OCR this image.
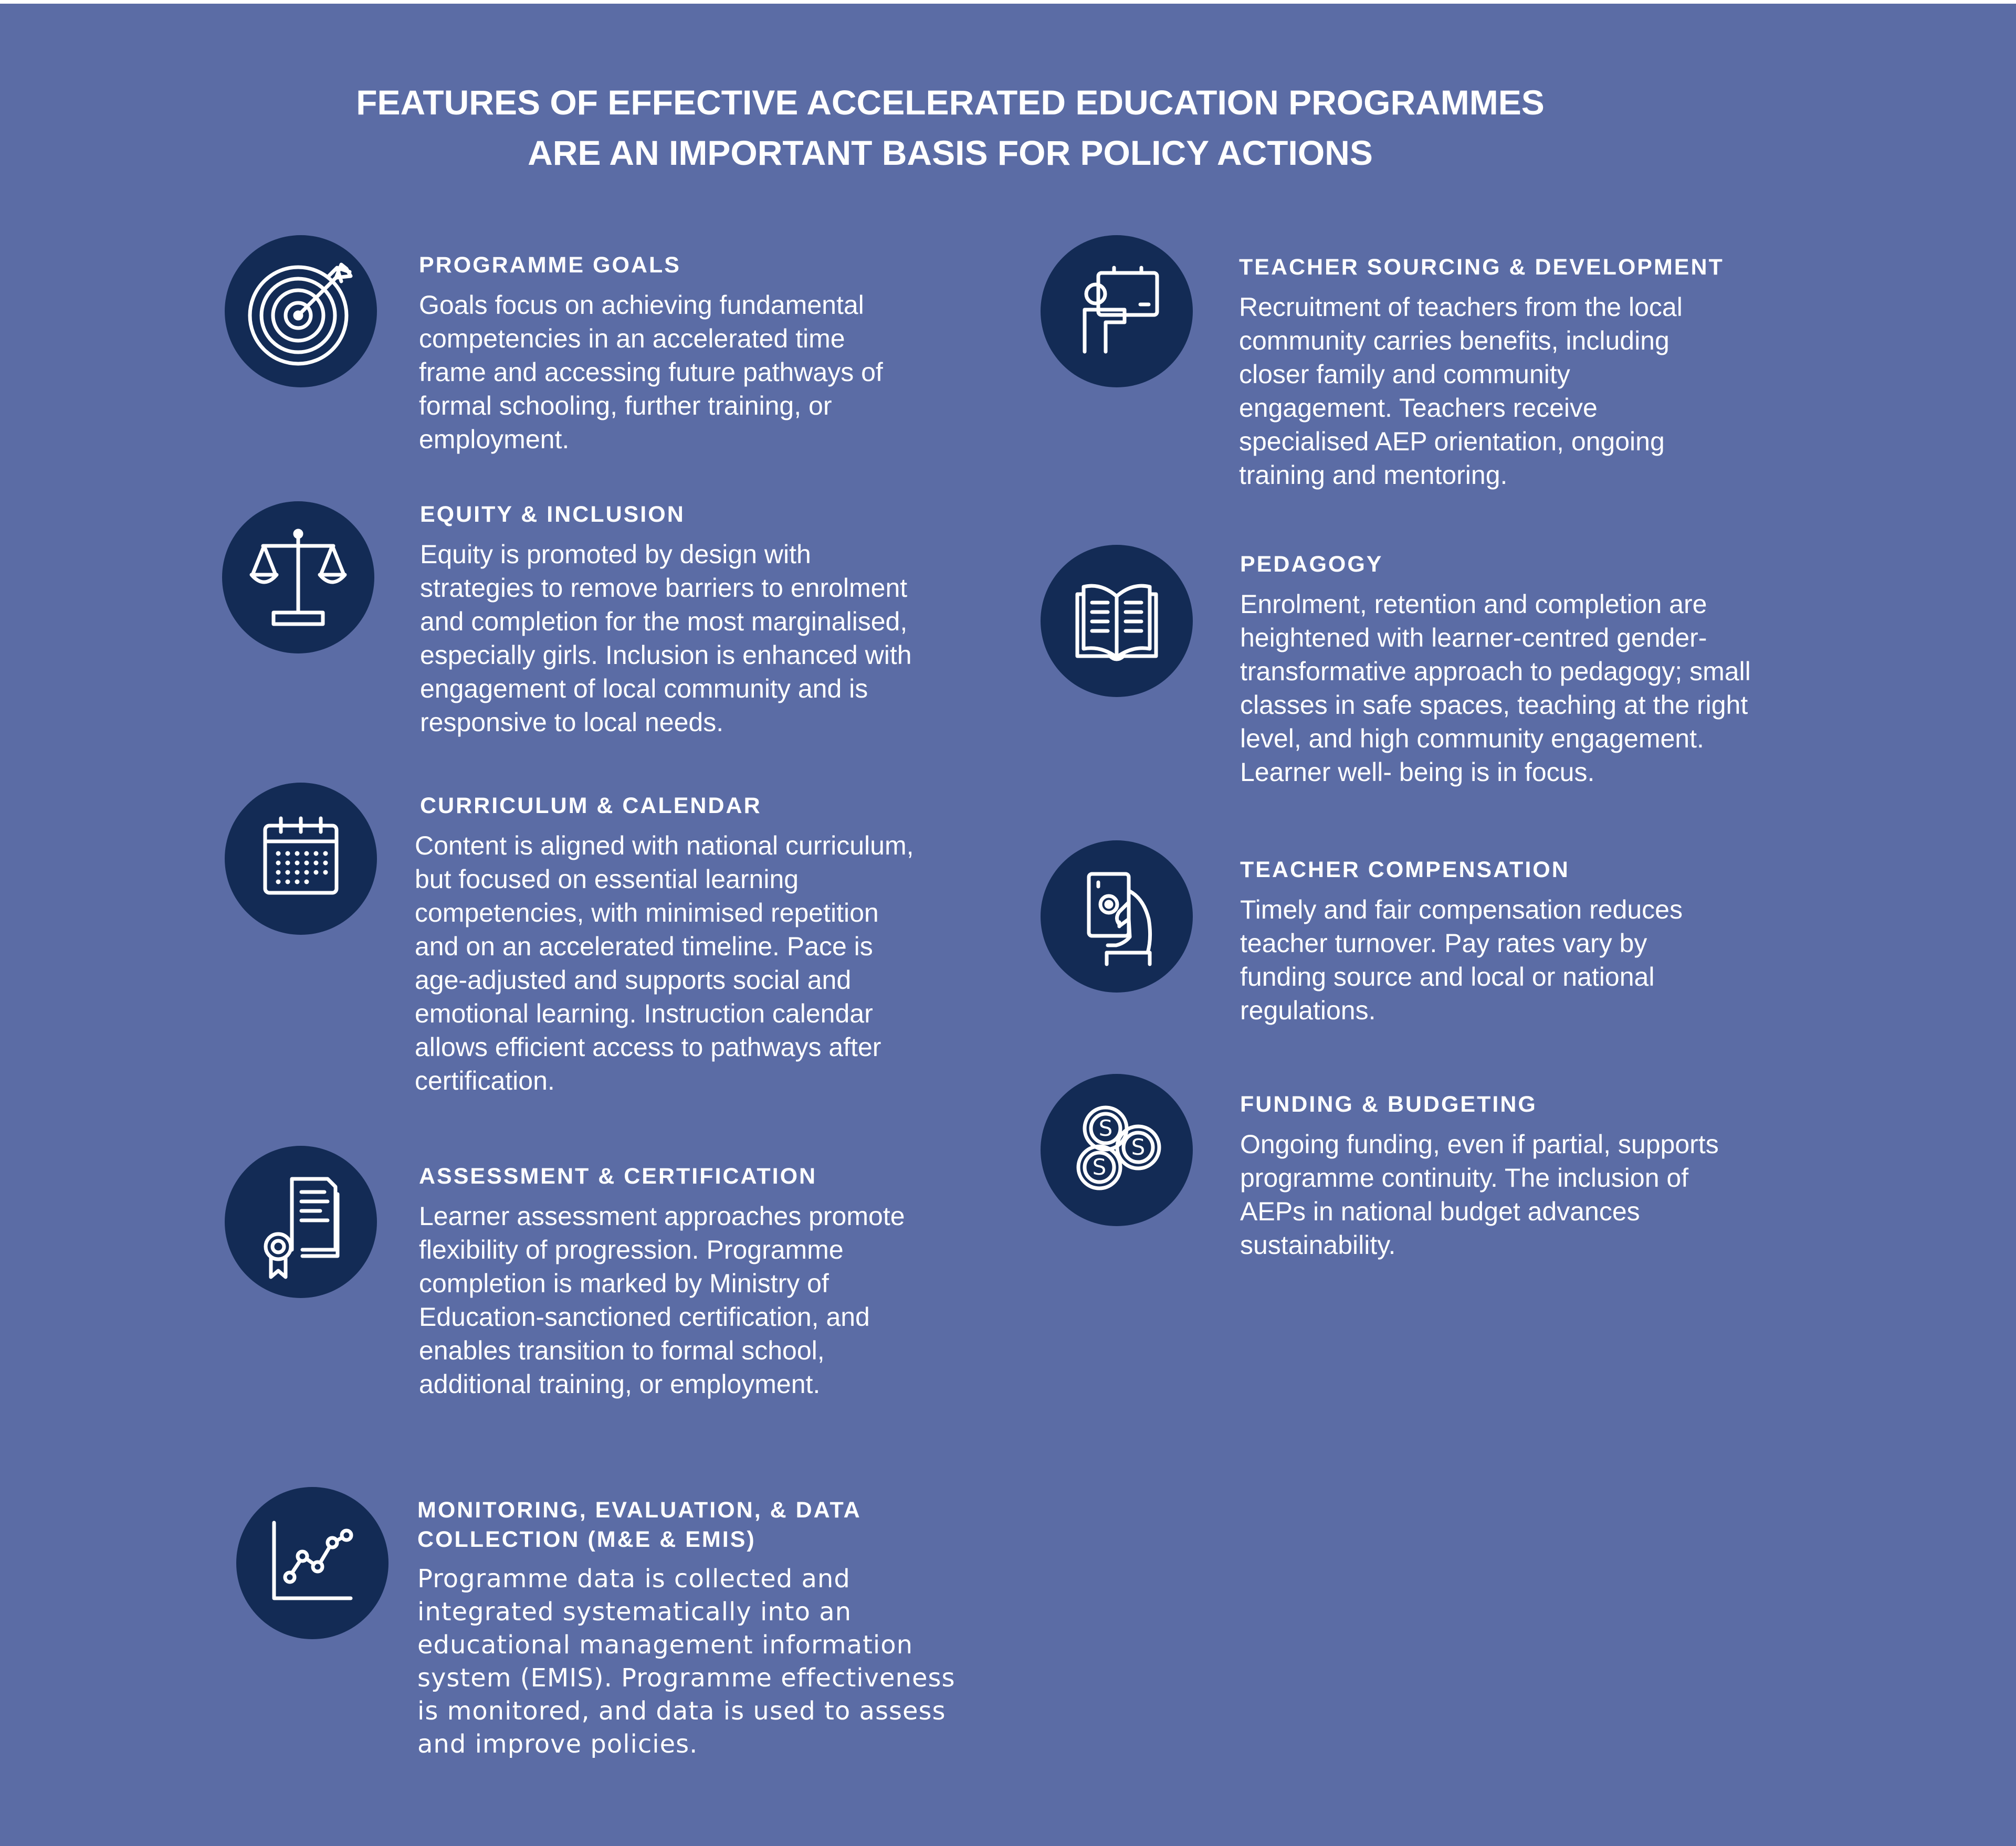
FEATURES OF EFFECTIVE ACCELERATED EDUCATION PROGRAMMES
ARE AN IMPORTANT BASIS FOR POLICY ACTIONS
PROGRAMME GOALS
Goals focus on achieving fundamental
competencies in an accelerated time
frame and accessing future pathways of
formal schooling, further training, or
employment.
EQUITY & INCLUSION
Equity is promoted by design with
strategies to remove barriers to enrolment
and completion for the most marginalised,
especially girls. Inclusion is enhanced with
engagement of local community and is
responsive to local needs.
CURRICULUM & CALENDAR
Content is aligned with national curriculum,
but focused on essential learning
competencies, with minimised repetition
and on an accelerated timeline. Pace is
age-adjusted and supports social and
emotional learning. Instruction calendar
allows efficient access to pathways after
certification.
ASSESSMENT & CERTIFICATION
Learner assessment approaches promote
flexibility of progression. Programme
completion is marked by Ministry of
Education-sanctioned certification, and
enables transition to formal school,
additional training, or employment.
MONITORING, EVALUATION, & DATA
COLLECTION (M&E & EMIS)
Programme data is collected and
integrated systematically into an
educational management information
system (EMIS). Programme effectiveness
is monitored, and data is used to assess
and improve policies.
TEACHER SOURCING & DEVELOPMENT
Recruitment of teachers from the local
community carries benefits, including
closer family and community
engagement. Teachers receive
specialised AEP orientation, ongoing
training and mentoring.
PEDAGOGY
Enrolment, retention and completion are
heightened with learner-centred gender-
transformative approach to pedagogy; small
classes in safe spaces, teaching at the right
level, and high community engagement.
Learner well- being is in focus.
TEACHER COMPENSATION
Timely and fair compensation reduces
teacher turnover. Pay rates vary by
funding source and local or national
regulations.
S
S
S
FUNDING & BUDGETING
Ongoing funding, even if partial, supports
programme continuity. The inclusion of
AEPs in national budget advances
sustainability.
